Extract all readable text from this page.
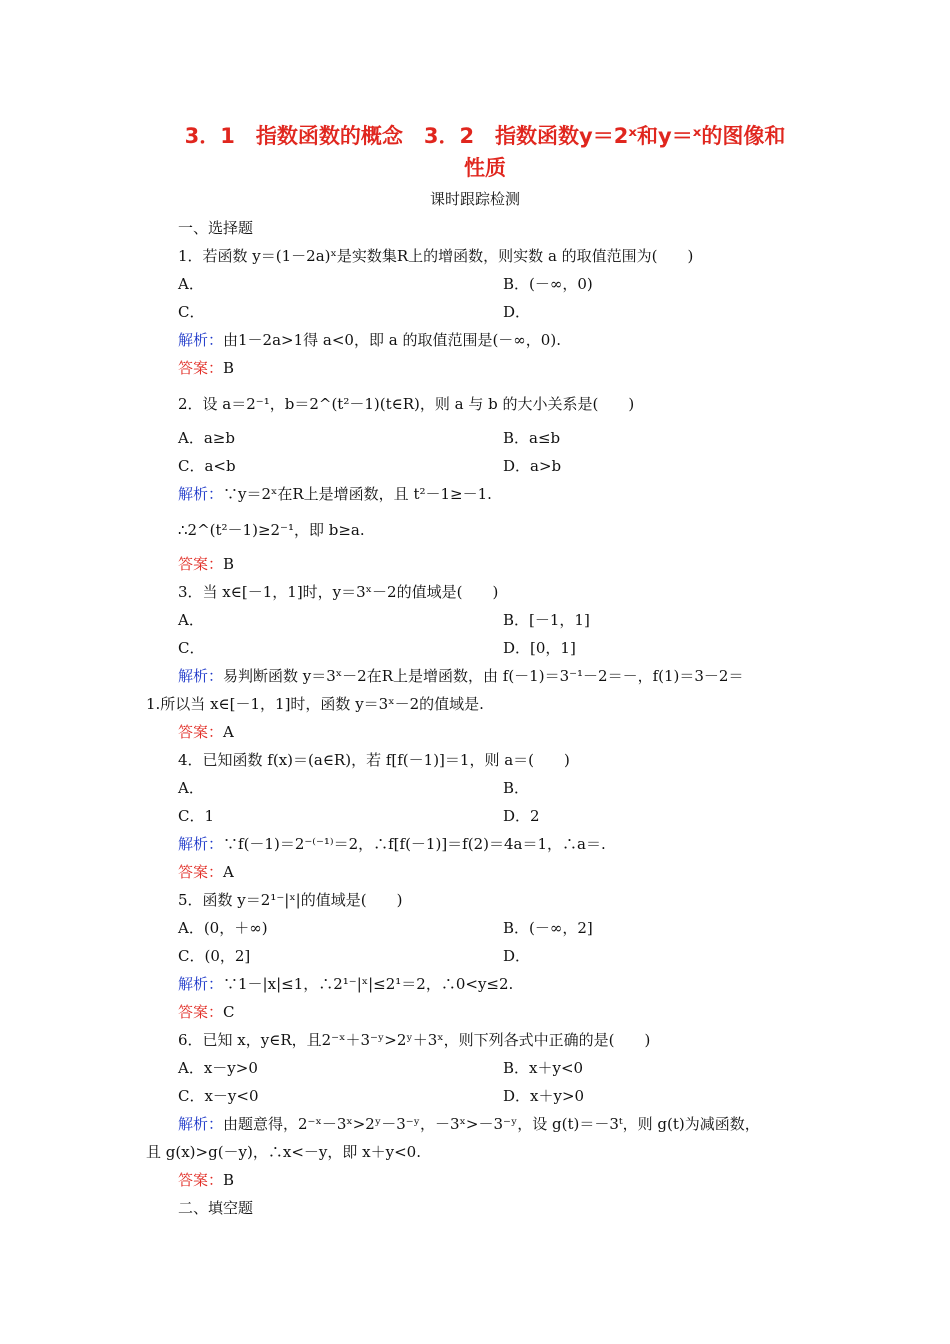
3．1　指数函数的概念　3．2　指数函数y＝2ˣ和y＝ˣ的图像和
性质
课时跟踪检测
一、选择题
1．若函数 y＝(1－2a)ˣ是实数集R上的增函数，则实数 a 的取值范围为(　　)
A．	B．(－∞，0)
C．	D．
解析：由1－2a>1得 a<0，即 a 的取值范围是(－∞，0).
答案：B
2．设 a＝2⁻¹，b＝2^(t²－1)(t∈R)，则 a 与 b 的大小关系是(　　)
A．a≥b	B．a≤b
C．a<b	D．a>b
解析：∵y＝2ˣ在R上是增函数，且 t²－1≥－1.
∴2^(t²－1)≥2⁻¹，即 b≥a.
答案：B
3．当 x∈[－1，1]时，y＝3ˣ－2的值域是(　　)
A．	B．[－1，1]
C．	D．[0，1]
解析：易判断函数 y＝3ˣ－2在R上是增函数，由 f(－1)＝3⁻¹－2＝－，f(1)＝3－2＝
1.所以当 x∈[－1，1]时，函数 y＝3ˣ－2的值域是.
答案：A
4．已知函数 f(x)＝(a∈R)，若 f[f(－1)]＝1，则 a＝(　　)
A．	B．
C．1	D．2
解析：∵f(－1)＝2⁻⁽⁻¹⁾＝2，∴f[f(－1)]＝f(2)＝4a＝1，∴a＝.
答案：A
5．函数 y＝2¹⁻|ˣ|的值域是(　　)
A．(0，＋∞)	B．(－∞，2]
C．(0，2]	D．
解析：∵1－|x|≤1，∴2¹⁻|ˣ|≤2¹＝2，∴0<y≤2.
答案：C
6．已知 x，y∈R，且2⁻ˣ＋3⁻ʸ>2ʸ＋3ˣ，则下列各式中正确的是(　　)
A．x－y>0	B．x＋y<0
C．x－y<0	D．x＋y>0
解析：由题意得，2⁻ˣ－3ˣ>2ʸ－3⁻ʸ，－3ˣ>－3⁻ʸ，设 g(t)＝－3ᵗ，则 g(t)为减函数，
且 g(x)>g(－y)，∴x<－y，即 x＋y<0.
答案：B
二、填空题
